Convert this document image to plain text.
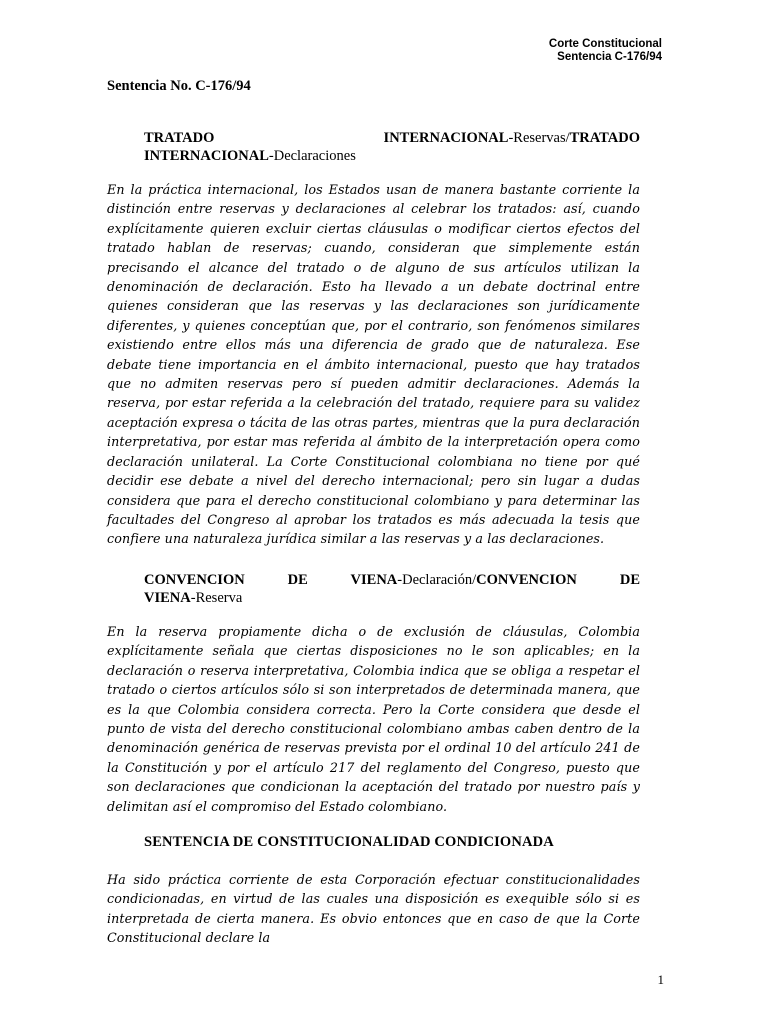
Corte Constitucional
Sentencia C-176/94
Sentencia No. C-176/94
TRATADO INTERNACIONAL-Reservas/TRATADO
INTERNACIONAL-Declaraciones
En la práctica internacional, los Estados usan de manera bastante corriente la distinción entre reservas y declaraciones al celebrar los tratados: así, cuando explícitamente quieren excluir ciertas cláusulas o modificar ciertos efectos del tratado hablan de reservas; cuando, consideran que simplemente están precisando el alcance del tratado o de alguno de sus artículos utilizan la denominación de declaración. Esto ha llevado a un debate doctrinal entre quienes consideran que las reservas y las declaraciones son jurídicamente diferentes, y quienes conceptúan que, por el contrario, son fenómenos similares existiendo entre ellos más una diferencia de grado que de naturaleza. Ese debate tiene importancia en el ámbito internacional, puesto que hay tratados que no admiten reservas pero sí pueden admitir declaraciones. Además la reserva, por estar referida a la celebración del tratado, requiere para su validez aceptación expresa o tácita de las otras partes, mientras que la pura declaración interpretativa, por estar mas referida al ámbito de la interpretación opera como declaración unilateral. La Corte Constitucional colombiana no tiene por qué decidir ese debate a nivel del derecho internacional; pero sin lugar a dudas considera que para el derecho constitucional colombiano y para determinar las facultades del Congreso al aprobar los tratados es más adecuada la tesis que confiere una naturaleza jurídica similar a las reservas y a las declaraciones.
CONVENCION DE VIENA-Declaración/CONVENCION DE
VIENA-Reserva
En la reserva propiamente dicha o de exclusión de cláusulas, Colombia explícitamente señala que ciertas disposiciones no le son aplicables; en la declaración o reserva interpretativa, Colombia indica que se obliga a respetar el tratado o ciertos artículos sólo si son interpretados de determinada manera, que es la que Colombia considera correcta. Pero la Corte considera que desde el punto de vista del derecho constitucional colombiano ambas caben dentro de la denominación genérica de reservas prevista por el ordinal 10 del artículo 241 de la Constitución y por el artículo 217 del reglamento del Congreso, puesto que son declaraciones que condicionan la aceptación del tratado por nuestro país y delimitan así el compromiso del Estado colombiano.
SENTENCIA DE CONSTITUCIONALIDAD CONDICIONADA
Ha sido práctica corriente de esta Corporación efectuar constitucionalidades condicionadas, en virtud de las cuales una disposición es exequible sólo si es interpretada de cierta manera. Es obvio entonces que en caso de que la Corte Constitucional declare la
1
